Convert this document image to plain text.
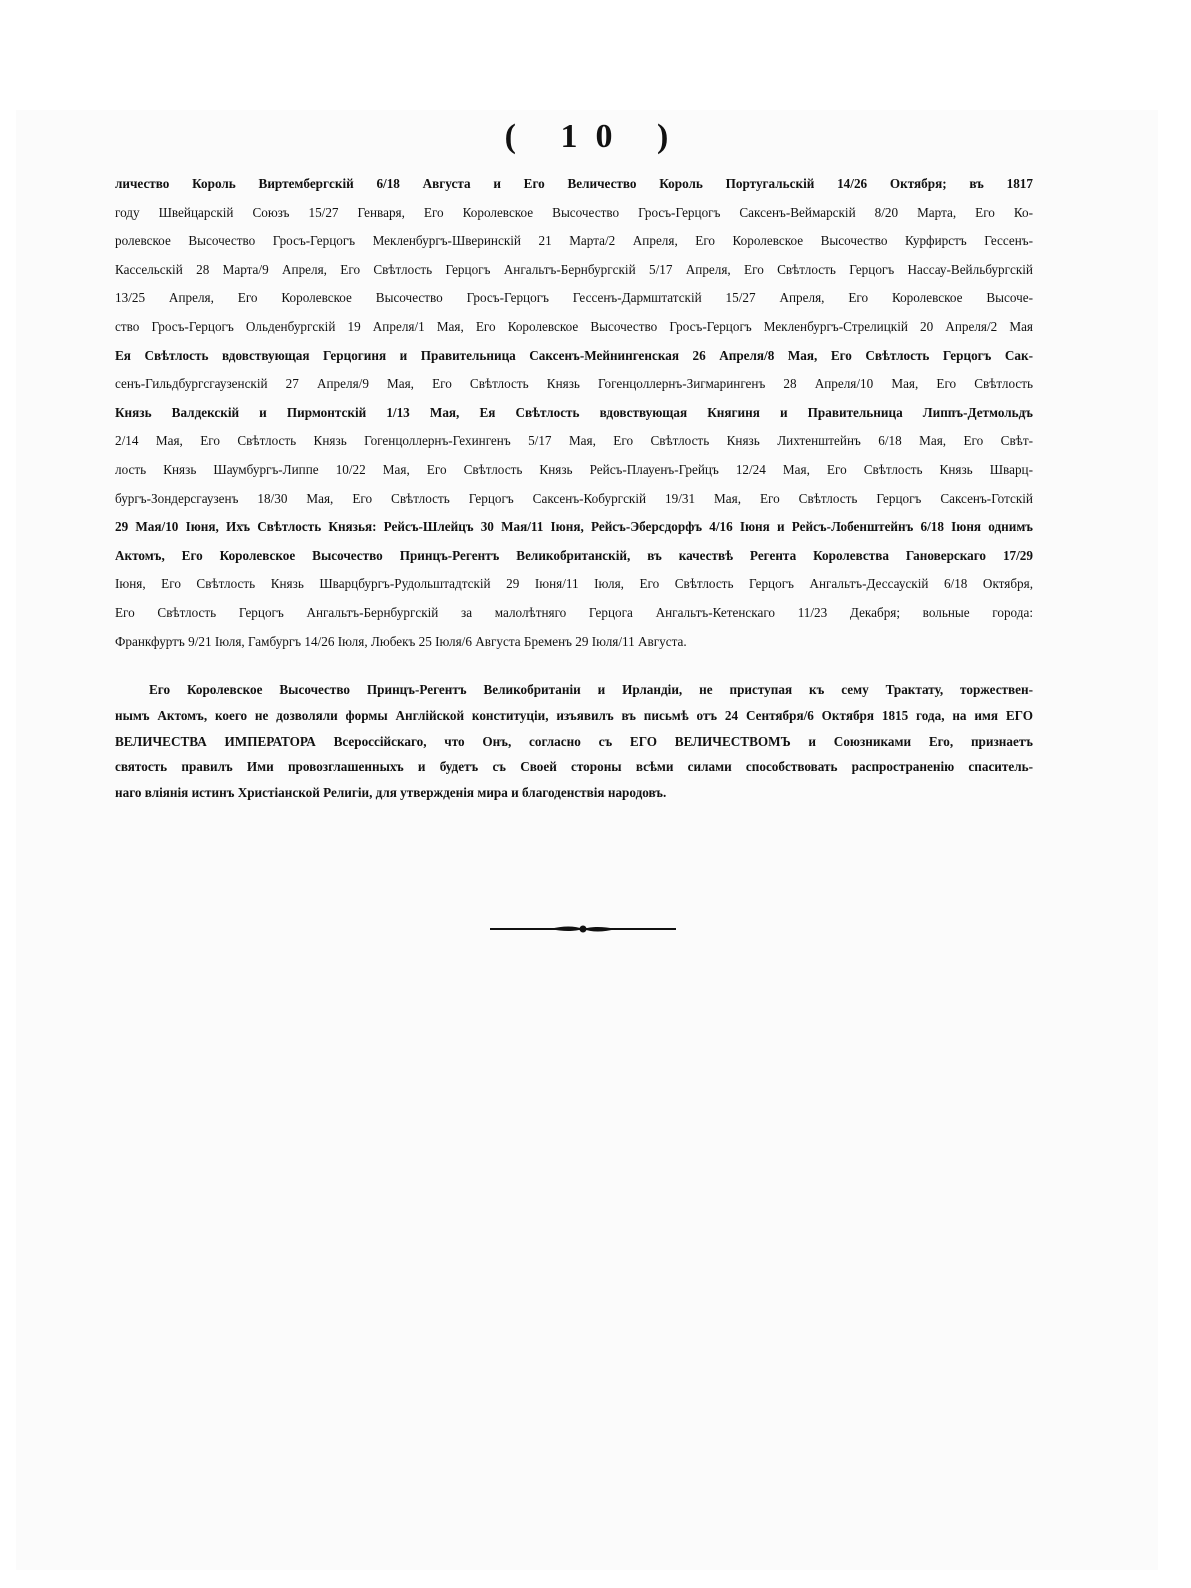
( 10 )
личество Король Виртембергскій 6/18 Августа и Его Величество Король Португальскій 14/26 Октября; въ 1817
году Швейцарскій Союзъ 15/27 Генваря, Его Королевское Высочество Гросъ-Герцогъ Саксенъ-Веймарскій 8/20 Марта, Его Ко-
ролевское Высочество Гросъ-Герцогъ Мекленбургъ-Шверинскій 21 Марта/2 Апреля, Его Королевское Высочество Курфирстъ Гессенъ-
Кассельскій 28 Марта/9 Апреля, Его Свѣтлость Герцогъ Ангальтъ-Бернбургскій 5/17 Апреля, Его Свѣтлость Герцогъ Нассау-Вейльбургскій
13/25 Апреля, Его Королевское Высочество Гросъ-Герцогъ Гессенъ-Дармштатскій 15/27 Апреля, Его Королевское Высоче-
ство Гросъ-Герцогъ Ольденбургскій 19 Апреля/1 Мая, Его Королевское Высочество Гросъ-Герцогъ Мекленбургъ-Стрелицкій 20 Апреля/2 Мая
Ея Свѣтлость вдовствующая Герцогиня и Правительница Саксенъ-Мейнингенская 26 Апреля/8 Мая, Его Свѣтлость Герцогъ Сак-
сенъ-Гильдбургсгаузенскій 27 Апреля/9 Мая, Его Свѣтлость Князь Гогенцоллернъ-Зигмарингенъ 28 Апреля/10 Мая, Его Свѣтлость
Князь Валдекскій и Пирмонтскій 1/13 Мая, Ея Свѣтлость вдовствующая Княгиня и Правительница Липпъ-Детмольдъ
2/14 Мая, Его Свѣтлость Князь Гогенцоллернъ-Гехингенъ 5/17 Мая, Его Свѣтлость Князь Лихтенштейнъ 6/18 Мая, Его Свѣт-
лость Князь Шаумбургъ-Липпе 10/22 Мая, Его Свѣтлость Князь Рейсъ-Плауенъ-Грейцъ 12/24 Мая, Его Свѣтлость Князь Шварц-
бургъ-Зондерсгаузенъ 18/30 Мая, Его Свѣтлость Герцогъ Саксенъ-Кобургскій 19/31 Мая, Его Свѣтлость Герцогъ Саксенъ-Готскій
29 Мая/10 Іюня, Ихъ Свѣтлость Князья: Рейсъ-Шлейцъ 30 Мая/11 Іюня, Рейсъ-Эберсдорфъ 4/16 Іюня и Рейсъ-Лобенштейнъ 6/18 Іюня однимъ
Актомъ, Его Королевское Высочество Принцъ-Регентъ Великобританскій, въ качествѣ Регента Королевства Гановерскаго 17/29
Іюня, Его Свѣтлость Князь Шварцбургъ-Рудольштадтскій 29 Іюня/11 Іюля, Его Свѣтлость Герцогъ Ангальтъ-Дессаускій 6/18 Октября,
Его Свѣтлость Герцогъ Ангальтъ-Бернбургскій за малолѣтняго Герцога Ангальтъ-Кетенскаго 11/23 Декабря; вольные города:
Франкфуртъ 9/21 Іюля, Гамбургъ 14/26 Іюля, Любекъ 25 Іюля/6 Августа Бременъ 29 Іюля/11 Августа.
Его Королевское Высочество Принцъ-Регентъ Великобританіи и Ирландіи, не приступая къ сему Трактату, торжествен-
нымъ Актомъ, коего не дозволяли формы Англійской конституціи, изъявилъ въ письмѣ отъ 24 Сентября/6 Октября 1815 года, на имя ЕГО
ВЕЛИЧЕСТВА ИМПЕРАТОРА Всероссійскаго, что Онъ, согласно съ ЕГО ВЕЛИЧЕСТВОМЪ и Союзниками Его, признаетъ
святость правилъ Ими провозглашенныхъ и будетъ съ Своей стороны всѣми силами способствовать распространенію спаситель-
наго вліянія истинъ Христіанской Религіи, для утвержденія мира и благоденствія народовъ.
